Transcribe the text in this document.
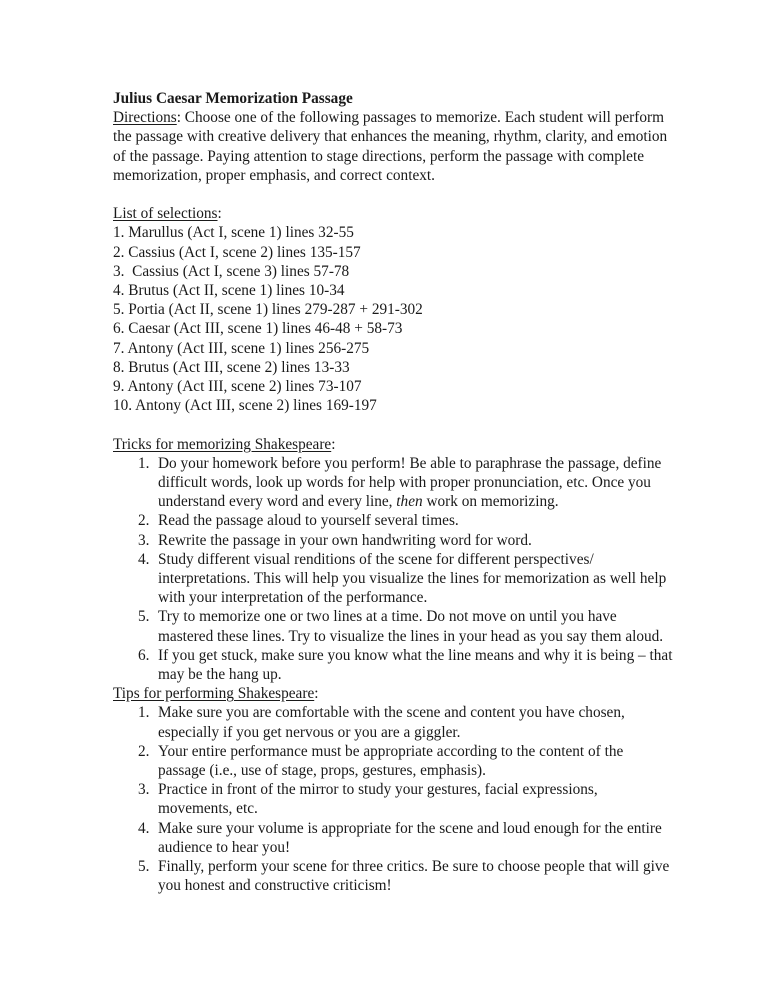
Julius Caesar Memorization Passage

Directions: Choose one of the following passages to memorize. Each student will perform the passage with creative delivery that enhances the meaning, rhythm, clarity, and emotion of the passage. Paying attention to stage directions, perform the passage with complete memorization, proper emphasis, and correct context.

List of selections:

1. Marullus (Act I, scene 1) lines 32-55
2. Cassius (Act I, scene 2) lines 135-157
3.  Cassius (Act I, scene 3) lines 57-78
4. Brutus (Act II, scene 1) lines 10-34
5. Portia (Act II, scene 1) lines 279-287 + 291-302
6. Caesar (Act III, scene 1) lines 46-48 + 58-73
7. Antony (Act III, scene 1) lines 256-275
8. Brutus (Act III, scene 2) lines 13-33
9. Antony (Act III, scene 2) lines 73-107
10. Antony (Act III, scene 2) lines 169-197

Tricks for memorizing Shakespeare:

1. Do your homework before you perform! Be able to paraphrase the passage, define difficult words, look up words for help with proper pronunciation, etc. Once you understand every word and every line, then work on memorizing.
2. Read the passage aloud to yourself several times.
3. Rewrite the passage in your own handwriting word for word.
4. Study different visual renditions of the scene for different perspectives/ interpretations. This will help you visualize the lines for memorization as well help with your interpretation of the performance.
5. Try to memorize one or two lines at a time. Do not move on until you have mastered these lines. Try to visualize the lines in your head as you say them aloud.
6. If you get stuck, make sure you know what the line means and why it is being – that may be the hang up.

Tips for performing Shakespeare:

1. Make sure you are comfortable with the scene and content you have chosen, especially if you get nervous or you are a giggler.
2. Your entire performance must be appropriate according to the content of the passage (i.e., use of stage, props, gestures, emphasis).
3. Practice in front of the mirror to study your gestures, facial expressions, movements, etc.
4. Make sure your volume is appropriate for the scene and loud enough for the entire audience to hear you!
5. Finally, perform your scene for three critics. Be sure to choose people that will give you honest and constructive criticism!
